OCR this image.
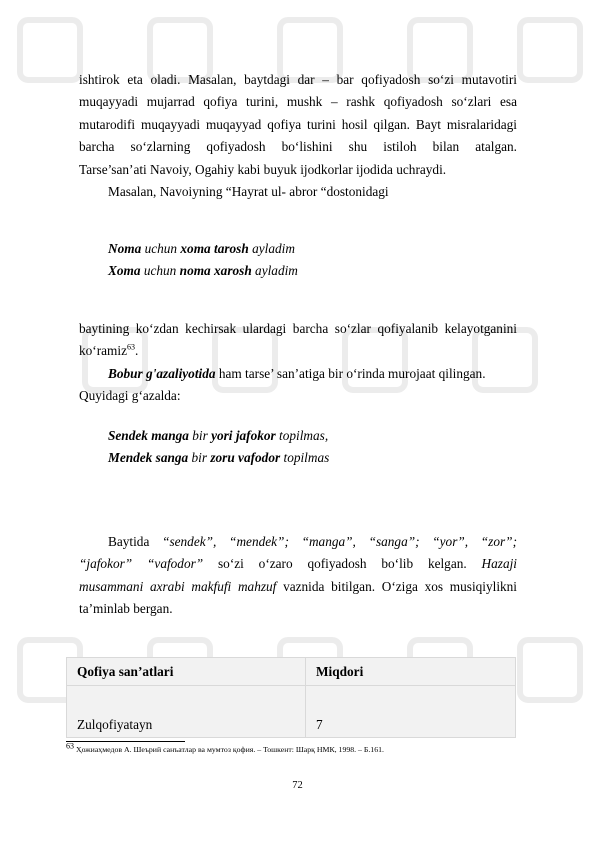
ishtirok eta oladi. Masalan, baytdagi dar – bar qofiyadosh so‘zi mutavotiri
muqayyadi mujarrad qofiya turini, mushk – rashk qofiyadosh so‘zlari esa
mutarodifi muqayyadi muqayyad qofiya turini hosil qilgan. Bayt misralaridagi
barcha so‘zlarning qofiyadosh bo‘lishini shu istiloh bilan atalgan.
Tarse’san’ati Navoiy, Ogahiy kabi buyuk ijodkorlar ijodida uchraydi.
Masalan, Navoiyning “Hayrat ul- abror “dostonidagi
Noma uchun xoma tarosh ayladim
Xoma uchun noma xarosh ayladim
baytining ko‘zdan kechirsak ulardagi barcha so‘zlar qofiyalanib kelayotganini
ko‘ramiz$^{63}$.
Bobur g'azaliyotida ham tarse’ san’atiga bir o‘rinda murojaat qilingan.
Quyidagi g‘azalda:
Sendek manga bir yori jafokor topilmas,
Mendek sanga bir zoru vafodor topilmas
Baytida “sendek”, “mendek”; “manga”, “sanga”; “yor”, “zor”;
“jafokor” “vafodor” so‘zi o‘zaro qofiyadosh bo‘lib kelgan. Hazaji
musammani axrabi makfufi mahzuf vaznida bitilgan. O‘ziga xos musiqiylikni
ta’minlab bergan.
Qofiya san’atlari	Miqdori
Zulqofiyatayn	7
$^{63}$ Ҳожиаҳмедов А. Шеърий санъатлар ва мумтоз қофия. – Тошкент: Шарқ НМК, 1998. – Б.161.
72
